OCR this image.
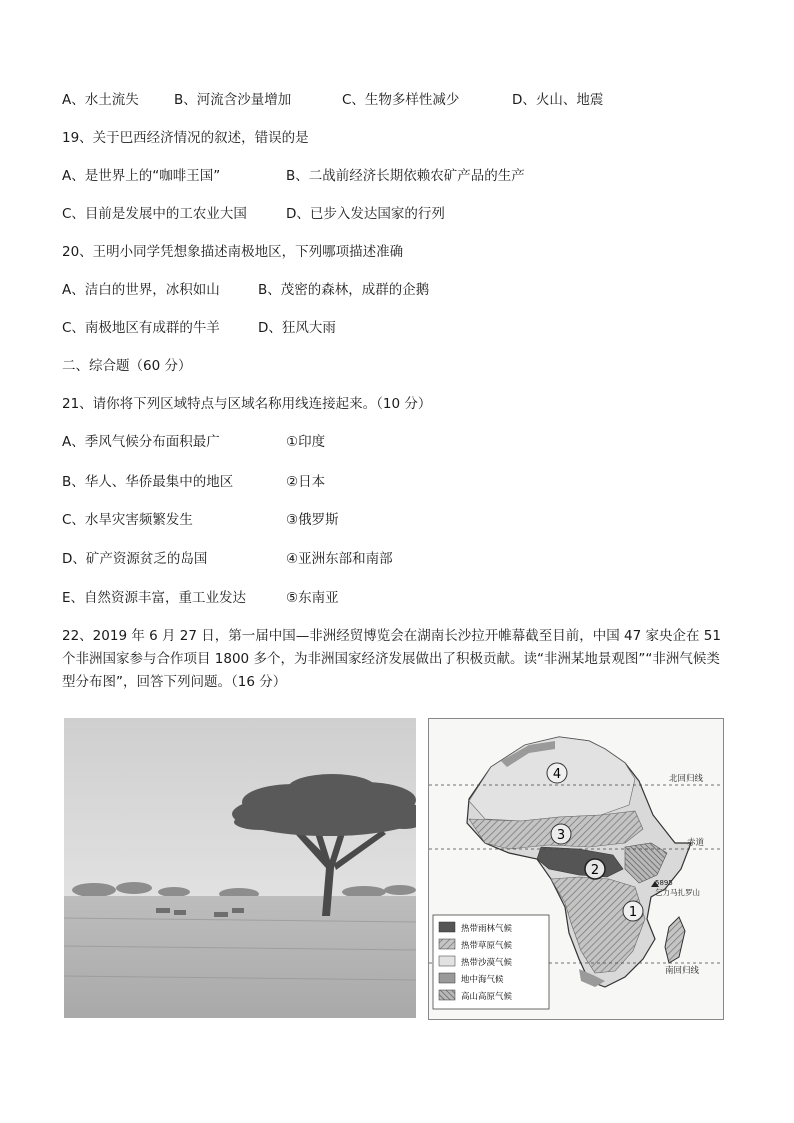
A、水土流失	B、河流含沙量增加	C、生物多样性减少	D、火山、地震
19、关于巴西经济情况的叙述，错误的是
A、是世界上的“咖啡王国”	B、二战前经济长期依赖农矿产品的生产
C、目前是发展中的工农业大国	D、已步入发达国家的行列
20、王明小同学凭想象描述南极地区，下列哪项描述准确
A、洁白的世界，冰积如山	B、茂密的森林，成群的企鹅
C、南极地区有成群的牛羊	D、狂风大雨
二、综合题（60 分）
21、请你将下列区域特点与区域名称用线连接起来。（10 分）
A、季风气候分布面积最广	①印度
B、华人、华侨最集中的地区	②日本
C、水旱灾害频繁发生	③俄罗斯
D、矿产资源贫乏的岛国	④亚洲东部和南部
E、自然资源丰富，重工业发达	⑤东南亚
22、2019 年 6 月 27 日，第一届中国—非洲经贸博览会在湖南长沙拉开帷幕截至目前，中国 47 家央企在 51 个非洲国家参与合作项目 1800 多个，为非洲国家经济发展做出了积极贡献。读“非洲某地景观图”“非洲气候类型分布图”，回答下列问题。（16 分）
北回归线
赤道
南回归线
5895
乞力马扎罗山
4
3
2
1
热带雨林气候
热带草原气候
热带沙漠气候
地中海气候
高山高原气候
